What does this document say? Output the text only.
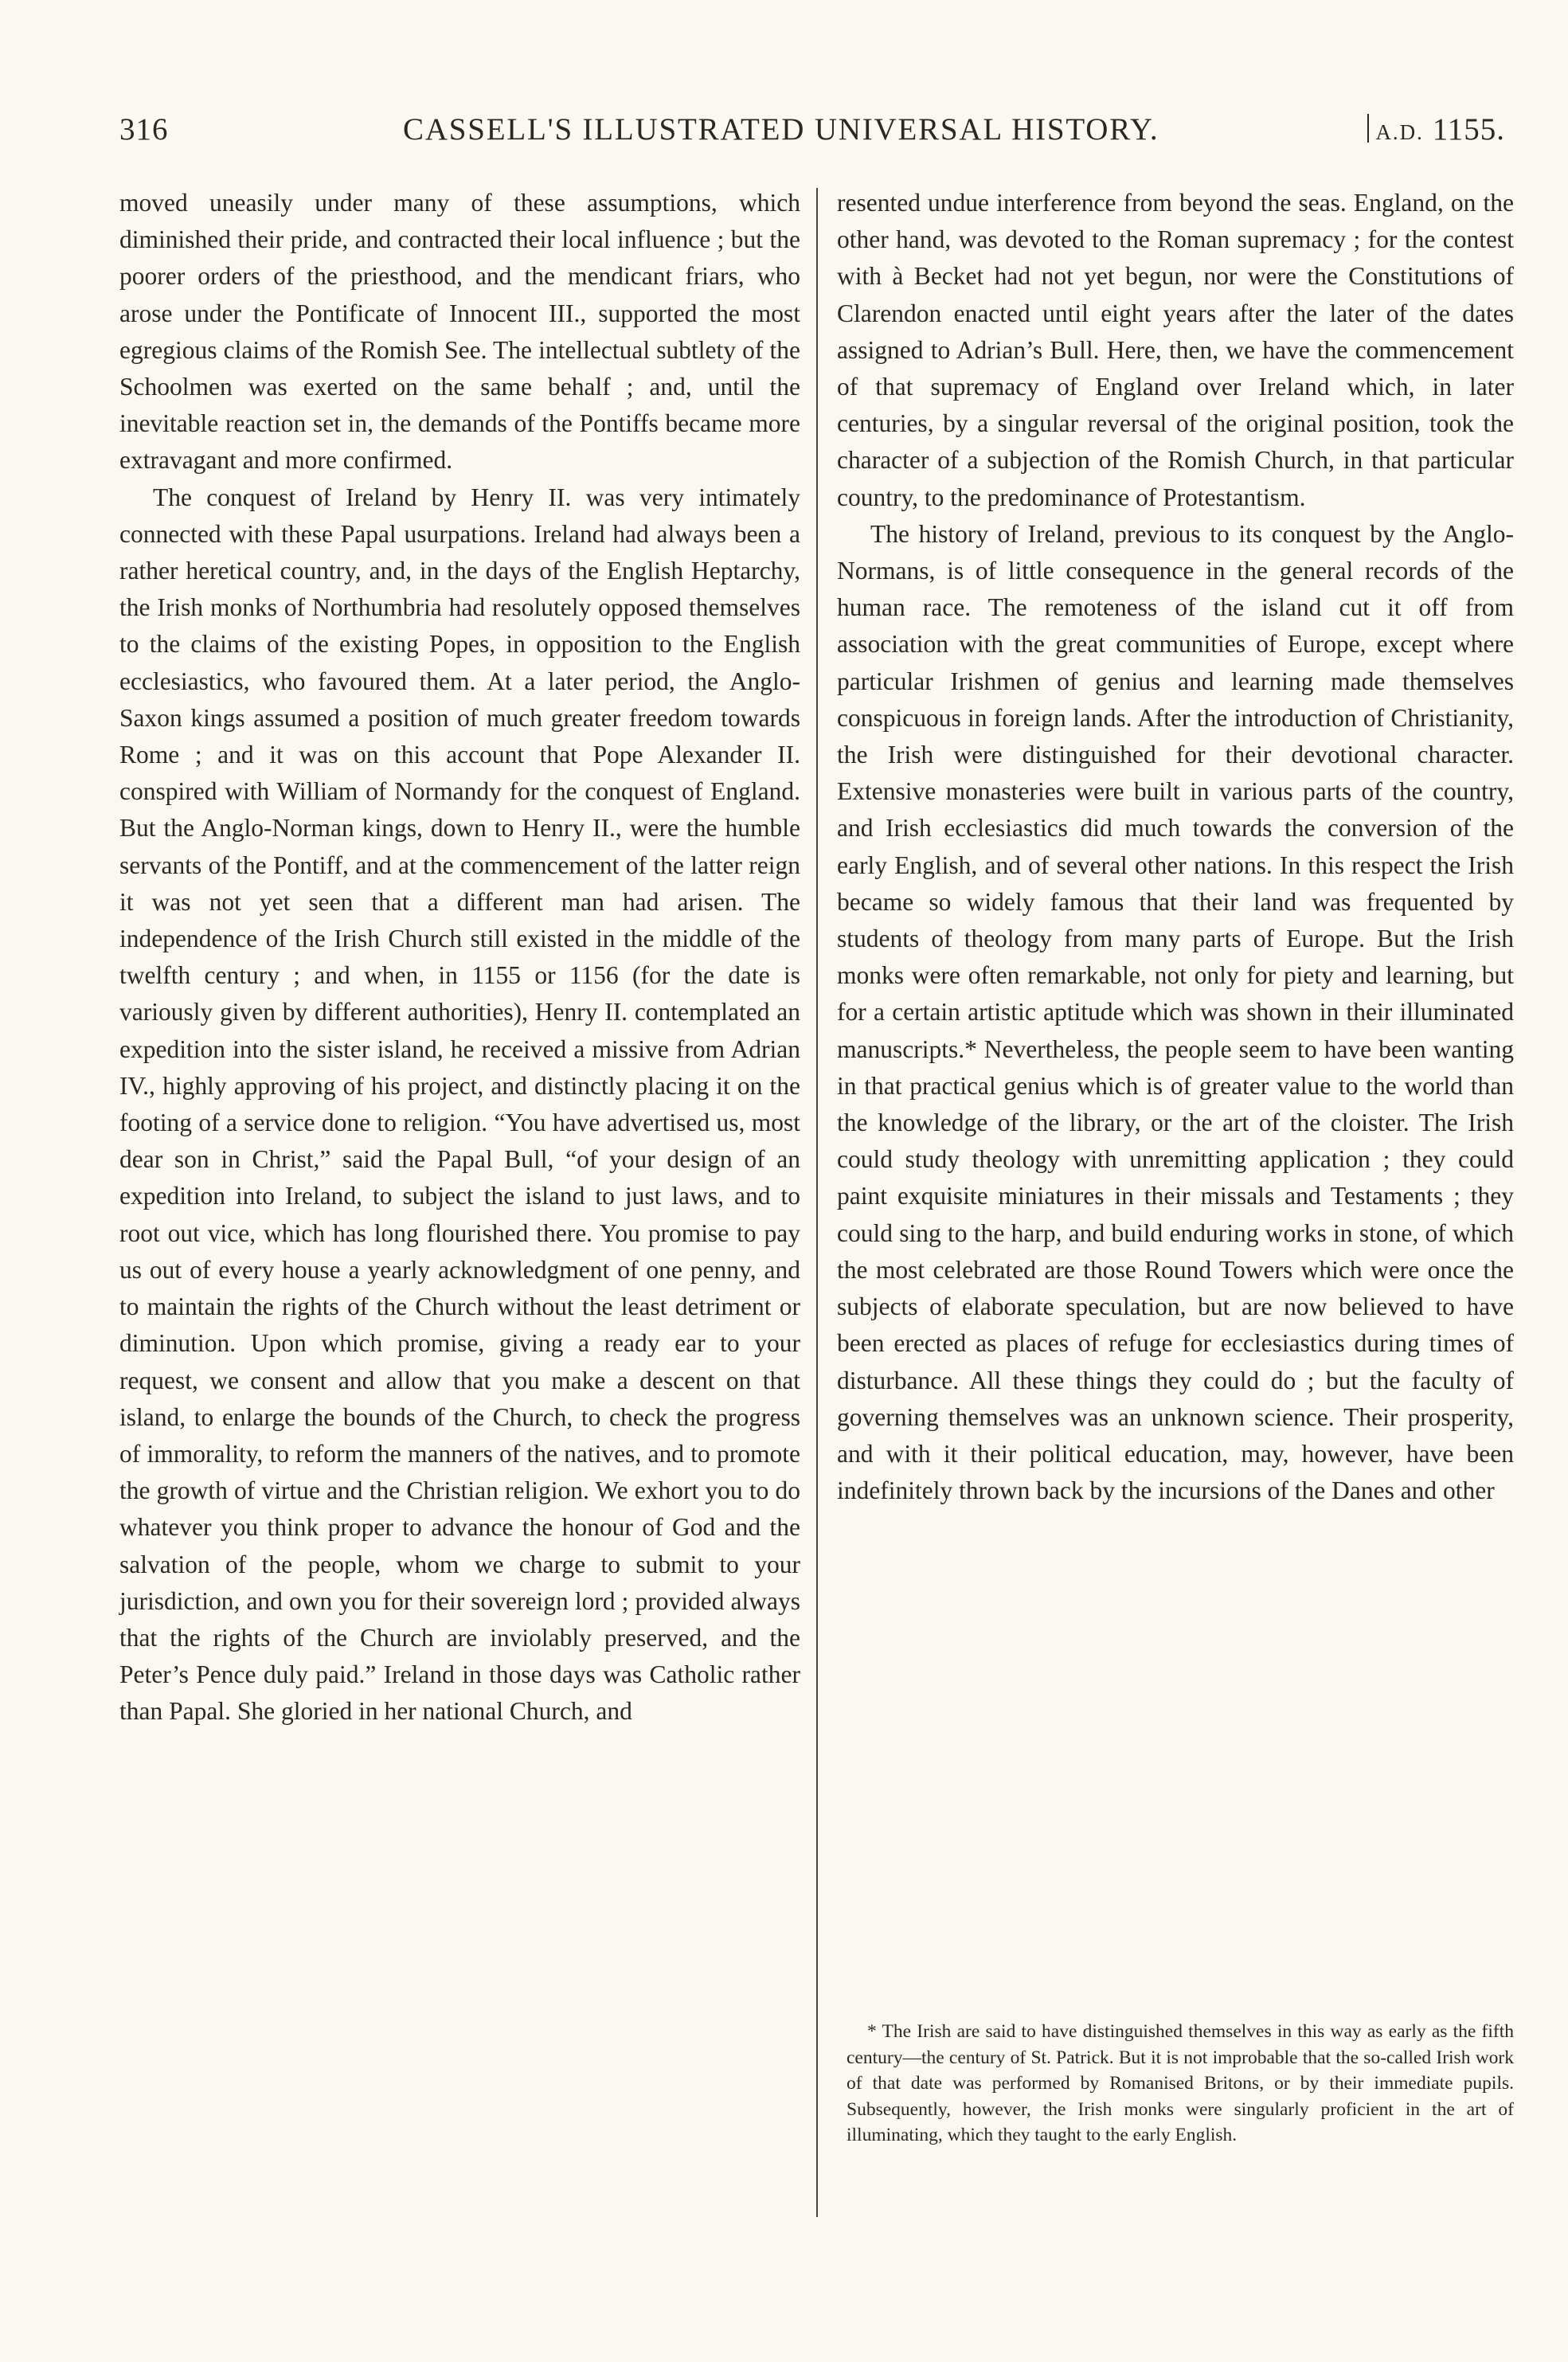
316	CASSELL'S ILLUSTRATED UNIVERSAL HISTORY.	A.D. 1155.

moved uneasily under many of these assumptions, which diminished their pride, and contracted their local influence ; but the poorer orders of the priesthood, and the mendicant friars, who arose under the Pontificate of Innocent III., supported the most egregious claims of the Romish See. The intellectual subtlety of the Schoolmen was exerted on the same behalf ; and, until the inevitable reaction set in, the demands of the Pontiffs became more extravagant and more confirmed.

The conquest of Ireland by Henry II. was very intimately connected with these Papal usurpations. Ireland had always been a rather heretical country, and, in the days of the English Heptarchy, the Irish monks of Northumbria had resolutely opposed themselves to the claims of the existing Popes, in opposition to the English ecclesiastics, who favoured them. At a later period, the Anglo-Saxon kings assumed a position of much greater freedom towards Rome ; and it was on this account that Pope Alexander II. conspired with William of Normandy for the conquest of England. But the Anglo-Norman kings, down to Henry II., were the humble servants of the Pontiff, and at the commencement of the latter reign it was not yet seen that a different man had arisen. The independence of the Irish Church still existed in the middle of the twelfth century ; and when, in 1155 or 1156 (for the date is variously given by different authorities), Henry II. contemplated an expedition into the sister island, he received a missive from Adrian IV., highly approving of his project, and distinctly placing it on the footing of a service done to religion. “You have advertised us, most dear son in Christ,” said the Papal Bull, “of your design of an expedition into Ireland, to subject the island to just laws, and to root out vice, which has long flourished there. You promise to pay us out of every house a yearly acknowledgment of one penny, and to maintain the rights of the Church without the least detriment or diminution. Upon which promise, giving a ready ear to your request, we consent and allow that you make a descent on that island, to enlarge the bounds of the Church, to check the progress of immorality, to reform the manners of the natives, and to promote the growth of virtue and the Christian religion. We exhort you to do whatever you think proper to advance the honour of God and the salvation of the people, whom we charge to submit to your jurisdiction, and own you for their sovereign lord ; provided always that the rights of the Church are inviolably preserved, and the Peter’s Pence duly paid.” Ireland in those days was Catholic rather than Papal. She gloried in her national Church, and

resented undue interference from beyond the seas. England, on the other hand, was devoted to the Roman supremacy ; for the contest with à Becket had not yet begun, nor were the Constitutions of Clarendon enacted until eight years after the later of the dates assigned to Adrian’s Bull. Here, then, we have the commencement of that supremacy of England over Ireland which, in later centuries, by a singular reversal of the original position, took the character of a subjection of the Romish Church, in that particular country, to the predominance of Protestantism.

The history of Ireland, previous to its conquest by the Anglo-Normans, is of little consequence in the general records of the human race. The remoteness of the island cut it off from association with the great communities of Europe, except where particular Irishmen of genius and learning made themselves conspicuous in foreign lands. After the introduction of Christianity, the Irish were distinguished for their devotional character. Extensive monasteries were built in various parts of the country, and Irish ecclesiastics did much towards the conversion of the early English, and of several other nations. In this respect the Irish became so widely famous that their land was frequented by students of theology from many parts of Europe. But the Irish monks were often remarkable, not only for piety and learning, but for a certain artistic aptitude which was shown in their illuminated manuscripts.* Nevertheless, the people seem to have been wanting in that practical genius which is of greater value to the world than the knowledge of the library, or the art of the cloister. The Irish could study theology with unremitting application ; they could paint exquisite miniatures in their missals and Testaments ; they could sing to the harp, and build enduring works in stone, of which the most celebrated are those Round Towers which were once the subjects of elaborate speculation, but are now believed to have been erected as places of refuge for ecclesiastics during times of disturbance. All these things they could do ; but the faculty of governing themselves was an unknown science. Their prosperity, and with it their political education, may, however, have been indefinitely thrown back by the incursions of the Danes and other

* The Irish are said to have distinguished themselves in this way as early as the fifth century—the century of St. Patrick. But it is not improbable that the so-called Irish work of that date was performed by Romanised Britons, or by their immediate pupils. Subsequently, however, the Irish monks were singularly proficient in the art of illuminating, which they taught to the early English.
